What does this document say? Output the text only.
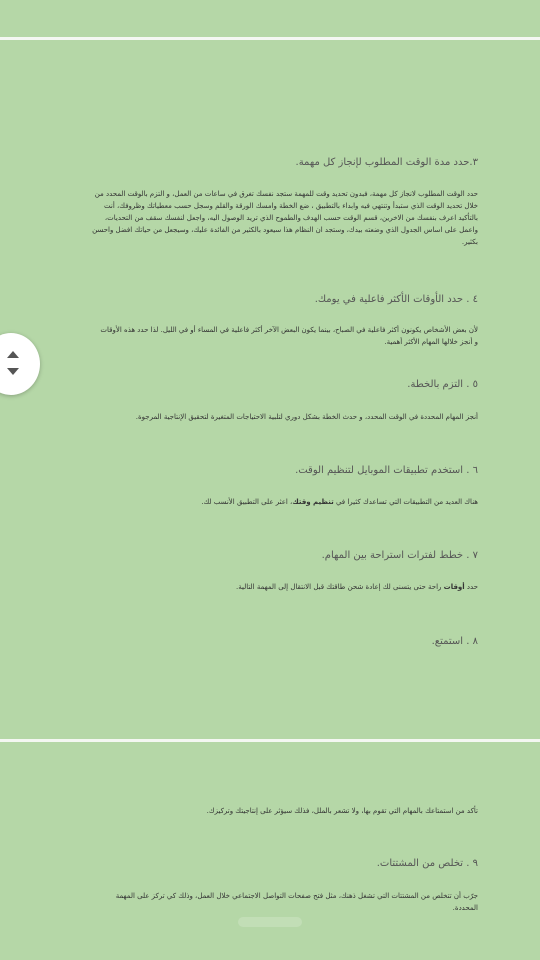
٣.حدد مدة الوقت المطلوب لإنجاز كل مهمة.

حدد الوقت المطلوب لانجاز كل مهمة، فبدون تحديد وقت للمهمة ستجد نفسك تغرق في ساعات من العمل، و التزم بالوقت المحدد من

خلال تحديد الوقت الذي ستبدأ وتنتهي فيه وابداء بالتطبيق ، ضع الخطة وامسك الورقة والقلم وسجل حسب معطياتك وظروفك، أنت

بالتأكيد اعرف بنفسك من الاخرين، قسم الوقت حسب الهدف والطموح الذي تريد الوصول اليه، واجعل لنفسك سقف من التحديات،

واعمل على اساس الجدول الذي وضعته بيدك، وستجد ان النظام هذا سيعود بالكثير من الفائدة عليك، وسيجعل من حياتك افضل واحسن

بكثير.

٤ . حدد الأوقات الأكثر فاعلية في يومك.

لأن بعض الأشخاص يكونون أكثر فاعلية في الصباح، بينما يكون البعض الآخر أكثر فاعلية في المساء أو في الليل. لذا حدد هذه الأوقات

و أنجز خلالها المهام الأكثر أهمية.

٥ . التزم بالخطة.

أنجز المهام المحددة في الوقت المحدد، و حدث الخطة بشكل دوري لتلبية الاحتياجات المتغيرة لتحقيق الإنتاجية المرجوة.

٦ . استخدم تطبيقات الموبايل لتنظيم الوقت.

هناك العديد من التطبيقات التي تساعدك كثيرا في تنظيم وقتك، اعثر على التطبيق الأنسب لك.

٧ . خطط لفترات استراحة بين المهام.

حدد أوقات راحة حتى يتسنى لك إعادة شحن طاقتك قبل الانتقال إلى المهمة التالية.

٨ . استمتع.

تأكد من استمتاعك بالمهام التي تقوم بها، ولا تشعر بالملل، فذلك سيؤثر على إنتاجيتك وتركيزك.

٩ . تخلص من المشتتات.

جرّب أن تتخلص من المشتتات التي تشغل ذهنك، مثل فتح صفحات التواصل الاجتماعي خلال العمل، وذلك كي تركز على المهمة

المحددة.
